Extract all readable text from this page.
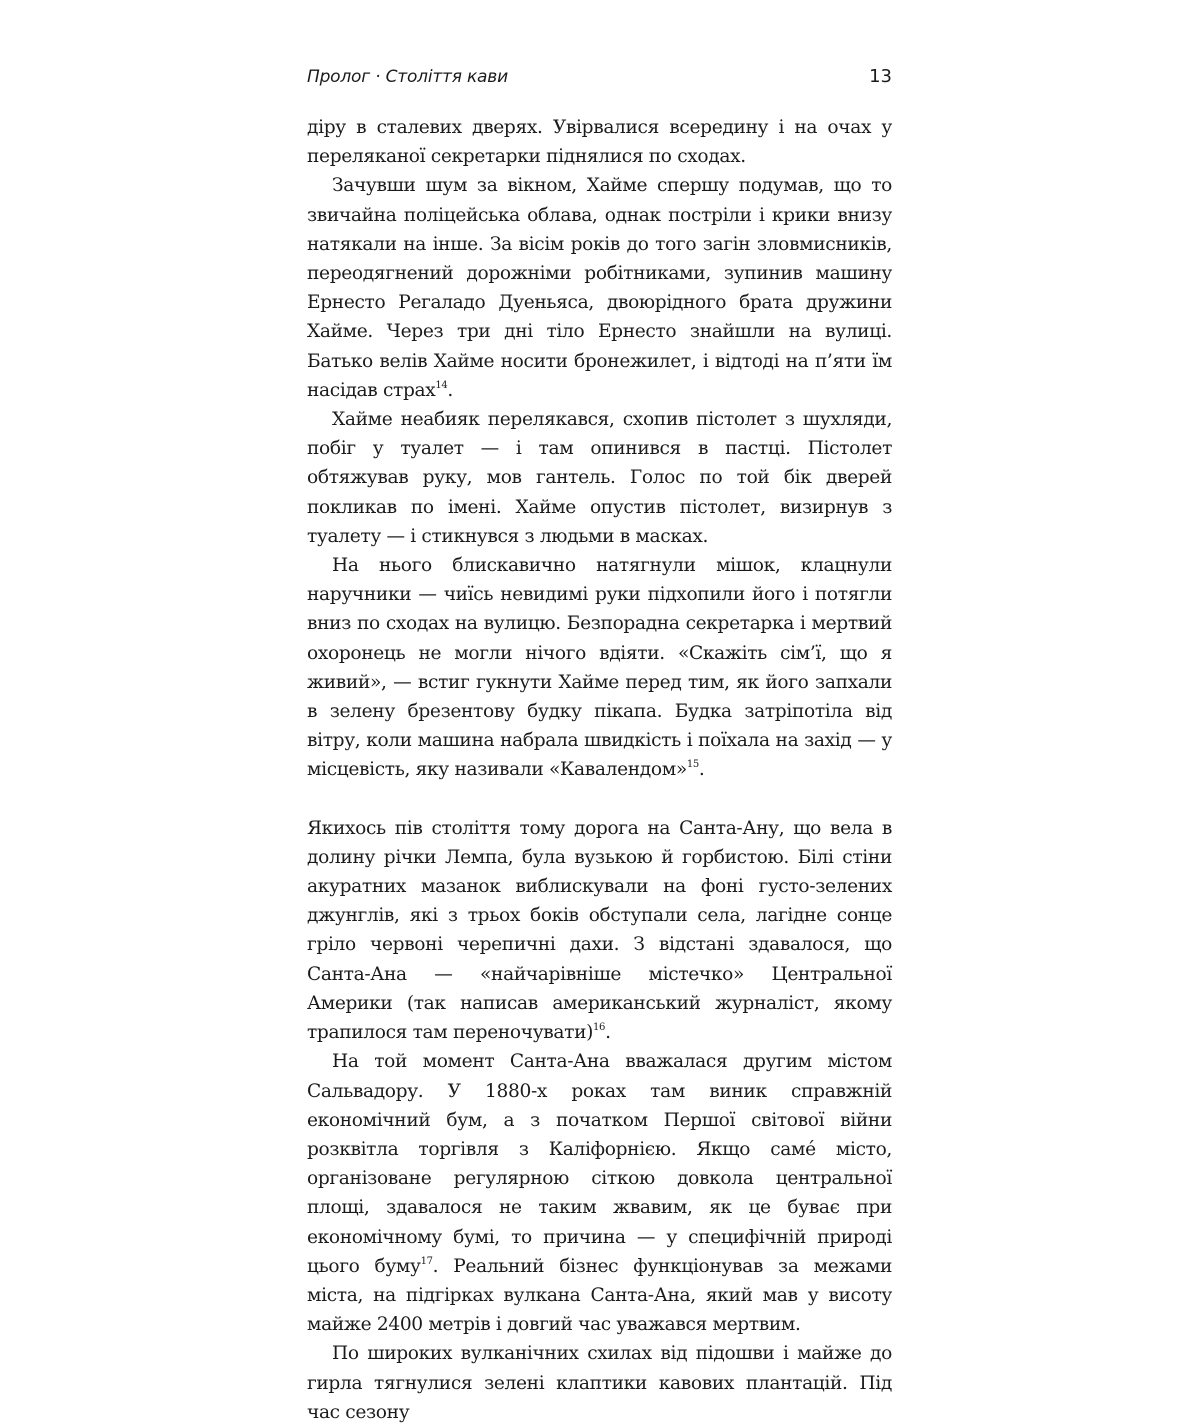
Пролог · Століття кави	13

діру в сталевих дверях. Увірвалися всередину і на очах у переляканої секретарки піднялися по сходах.

Зачувши шум за вікном, Хайме спершу подумав, що то звичайна поліцейська облава, однак постріли і крики внизу натякали на інше. За вісім років до того загін зловмисників, переодягнений дорожніми робітниками, зупинив машину Ернесто Регаладо Дуеньяса, двоюрідного брата дружини Хайме. Через три дні тіло Ернесто знайшли на вулиці. Батько велів Хайме носити бронежилет, і відтоді на п’яти їм насідав страх$^{14}$.

Хайме неабияк перелякався, схопив пістолет з шухляди, побіг у туалет — і там опинився в пастці. Пістолет обтяжував руку, мов гантель. Голос по той бік дверей покликав по імені. Хайме опустив пістолет, визирнув з туалету — і стикнувся з людьми в масках.

На нього блискавично натягнули мішок, клацнули наручники — чиїсь невидимі руки підхопили його і потягли вниз по сходах на вулицю. Безпорадна секретарка і мертвий охоронець не могли нічого вдіяти. «Скажіть сім’ї, що я живий», — встиг гукнути Хайме перед тим, як його запхали в зелену брезентову будку пікапа. Будка затріпотіла від вітру, коли машина набрала швидкість і поїхала на захід — у місцевість, яку називали «Кавалендом»$^{15}$.

Якихось пів століття тому дорога на Санта-Ану, що вела в долину річки Лемпа, була вузькою й горбистою. Білі стіни акуратних мазанок виблискували на фоні густо-зелених джунглів, які з трьох боків обступали села, лагідне сонце гріло червоні черепичні дахи. З відстані здавалося, що Санта-Ана — «найчарівніше містечко» Центральної Америки (так написав американський журналіст, якому трапилося там переночувати)$^{16}$.

На той момент Санта-Ана вважалася другим містом Сальвадору. У 1880-х роках там виник справжній економічний бум, а з початком Першої світової війни розквітла торгівля з Каліфорнією. Якщо самé місто, організоване регулярною сіткою довкола центральної площі, здавалося не таким жвавим, як це буває при економічному бумі, то причина — у специфічній природі цього буму$^{17}$. Реальний бізнес функціонував за межами міста, на підгірках вулкана Санта-Ана, який мав у висоту майже 2400 метрів і довгий час уважався мертвим.

По широких вулканічних схилах від підошви і майже до гирла тягнулися зелені клаптики кавових плантацій. Під час сезону
